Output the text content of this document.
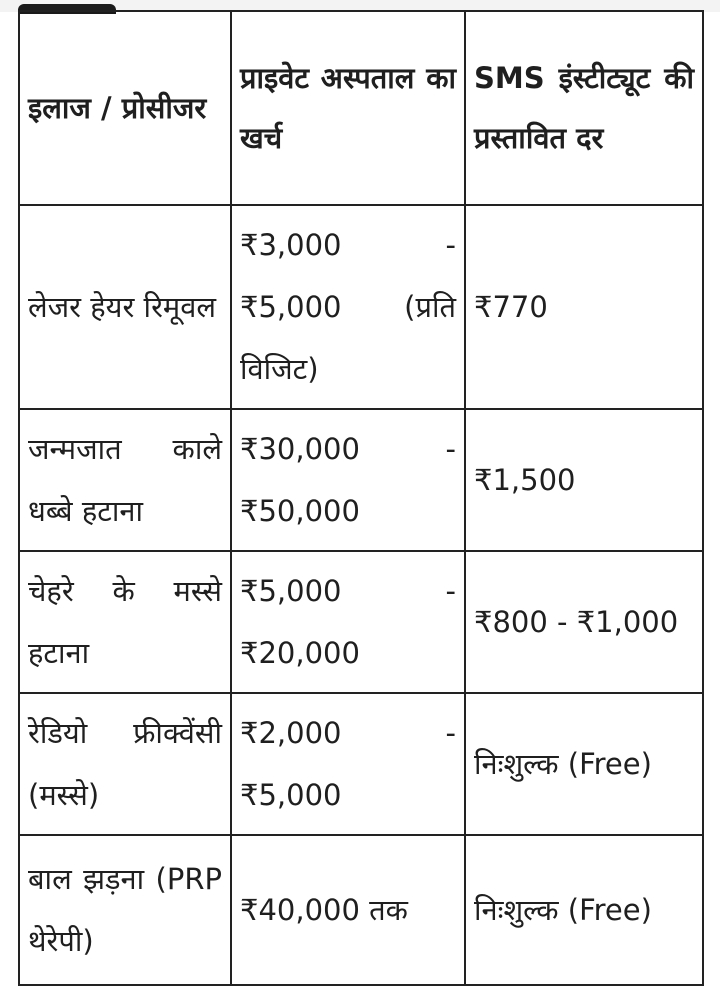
इलाज / प्रोसीजर	प्राइवेट अस्पताल का खर्च	SMS इंस्टीट्यूट की प्रस्तावित दर
लेजर हेयर रिमूवल	₹3,000 - ₹5,000 (प्रति विजिट)	₹770
जन्मजात काले धब्बे हटाना	₹30,000 - ₹50,000	₹1,500
चेहरे के मस्से हटाना	₹5,000 - ₹20,000	₹800 - ₹1,000
रेडियो फ्रीक्वेंसी (मस्से)	₹2,000 - ₹5,000	निःशुल्क (Free)
बाल झड़ना (PRP थेरेपी)	₹40,000 तक	निःशुल्क (Free)
